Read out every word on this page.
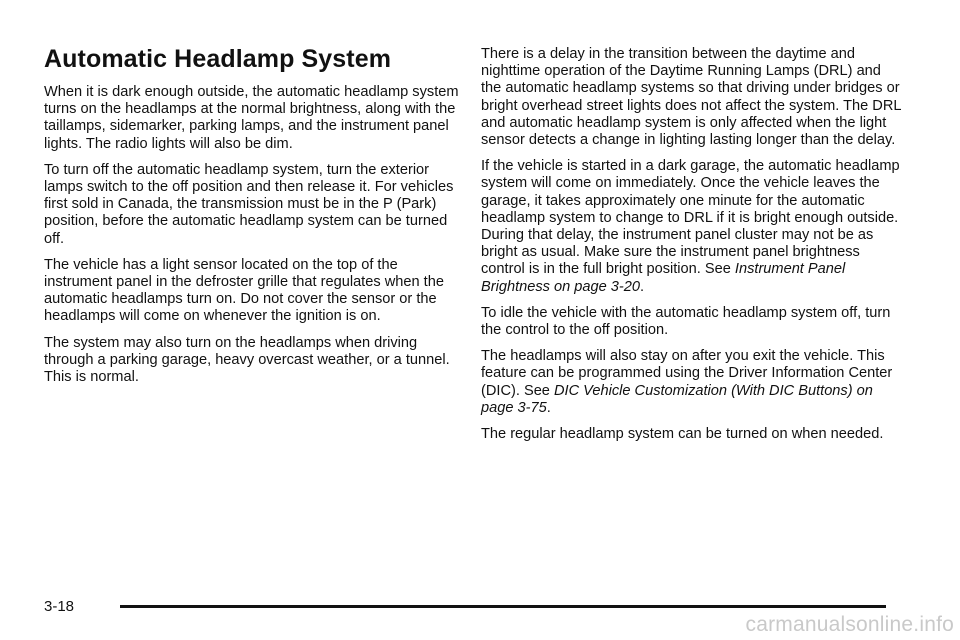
Automatic Headlamp System

When it is dark enough outside, the automatic headlamp system turns on the headlamps at the normal brightness, along with the taillamps, sidemarker, parking lamps, and the instrument panel lights. The radio lights will also be dim.

To turn off the automatic headlamp system, turn the exterior lamps switch to the off position and then release it. For vehicles first sold in Canada, the transmission must be in the P (Park) position, before the automatic headlamp system can be turned off.

The vehicle has a light sensor located on the top of the instrument panel in the defroster grille that regulates when the automatic headlamps turn on. Do not cover the sensor or the headlamps will come on whenever the ignition is on.

The system may also turn on the headlamps when driving through a parking garage, heavy overcast weather, or a tunnel. This is normal.

There is a delay in the transition between the daytime and nighttime operation of the Daytime Running Lamps (DRL) and the automatic headlamp systems so that driving under bridges or bright overhead street lights does not affect the system. The DRL and automatic headlamp system is only affected when the light sensor detects a change in lighting lasting longer than the delay.

If the vehicle is started in a dark garage, the automatic headlamp system will come on immediately. Once the vehicle leaves the garage, it takes approximately one minute for the automatic headlamp system to change to DRL if it is bright enough outside. During that delay, the instrument panel cluster may not be as bright as usual. Make sure the instrument panel brightness control is in the full bright position. See Instrument Panel Brightness on page 3-20.

To idle the vehicle with the automatic headlamp system off, turn the control to the off position.

The headlamps will also stay on after you exit the vehicle. This feature can be programmed using the Driver Information Center (DIC). See DIC Vehicle Customization (With DIC Buttons) on page 3-75.

The regular headlamp system can be turned on when needed.

3-18
carmanualsonline.info
